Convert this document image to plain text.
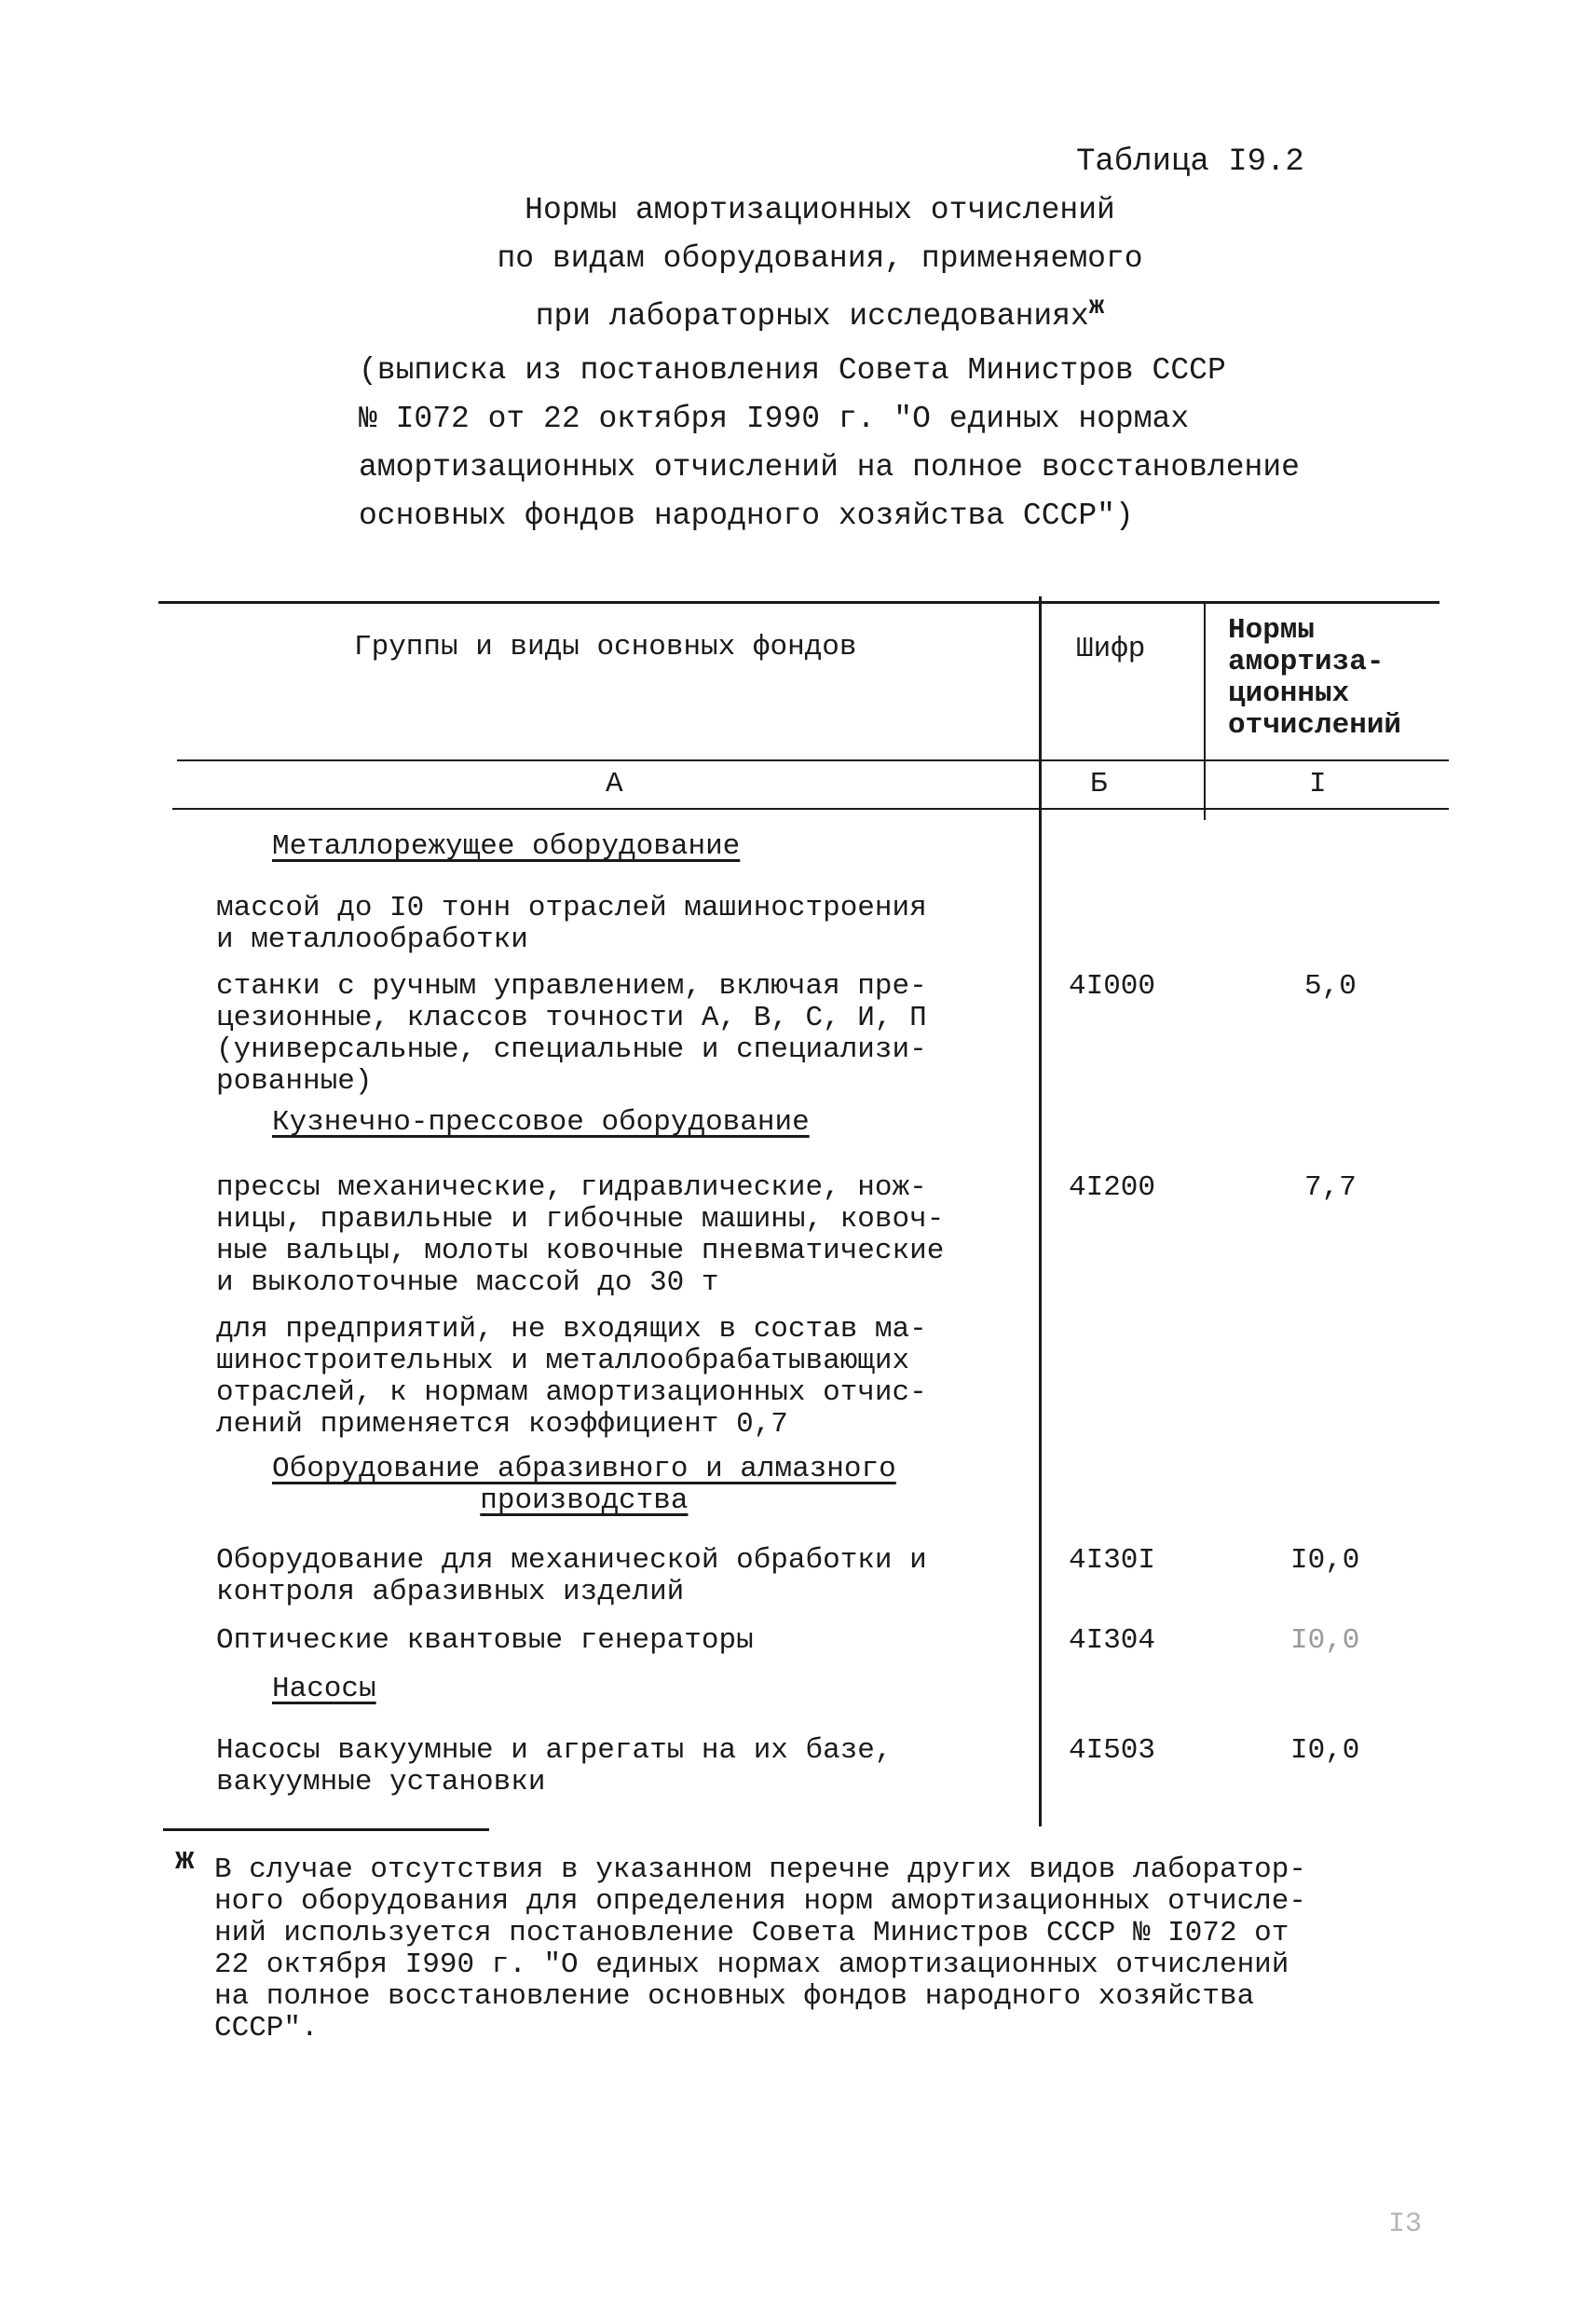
Таблица I9.2
Нормы амортизационных отчислений
по видам оборудования, применяемого
при лабораторных исследованиях$^ж$
(выписка из постановления Совета Министров СССР
№ I072 от 22 октября I990 г. "О единых нормах
амортизационных отчислений на полное восстановление
основных фондов народного хозяйства СССР")
Группы и виды основных фондов	Шифр
Нормы
амортиза-
ционных
отчислений
А	Б	I
Металлорежущее оборудование
массой до I0 тонн отраслей машиностроения
и металлообработки
станки с ручным управлением, включая пре-
цезионные, классов точности А, В, С, И, П
(универсальные, специальные и специализи-
рованные)
4I000	5,0
Кузнечно-прессовое оборудование
прессы механические, гидравлические, нож-
ницы, правильные и гибочные машины, ковоч-
ные вальцы, молоты ковочные пневматические
и выколоточные массой до 30 т
4I200	7,7
для предприятий, не входящих в состав ма-
шиностроительных и металлообрабатывающих
отраслей, к нормам амортизационных отчис-
лений применяется коэффициент 0,7
Оборудование абразивного и алмазного
производства
Оборудование для механической обработки и
контроля абразивных изделий
4I30I	I0,0
Оптические квантовые генераторы	4I304	I0,0
Насосы
Насосы вакуумные и агрегаты на их базе,
вакуумные установки
4I503	I0,0
ж В случае отсутствия в указанном перечне других видов лаборатор-
ного оборудования для определения норм амортизационных отчисле-
ний используется постановление Совета Министров СССР № I072 от
22 октября I990 г. "О единых нормах амортизационных отчислений
на полное восстановление основных фондов народного хозяйства
СССР".
I3
